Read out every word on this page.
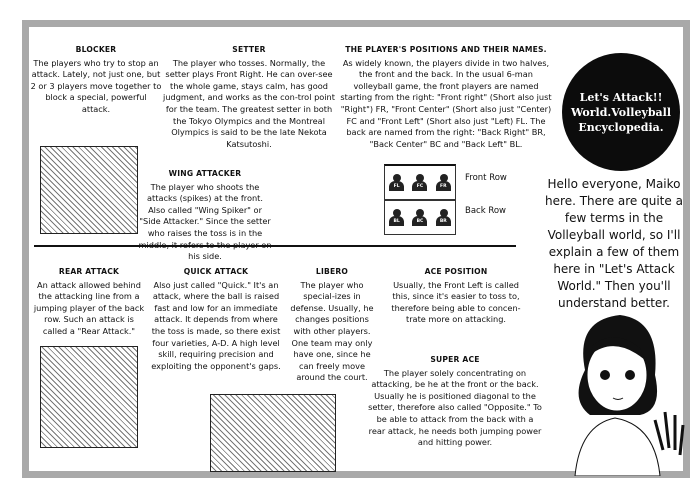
BLOCKER
The players who try to stop an attack. Lately, not just one, but 2 or 3 players move together to block a special, powerful attack.
SETTER
The player who tosses. Normally, the setter plays Front Right. He can over-see the whole game, stays calm, has good judgment, and works as the con-trol point for the team. The greatest setter in both the Tokyo Olympics and the Montreal Olympics is said to be the late Nekota Katsutoshi.
THE PLAYER'S POSITIONS AND THEIR NAMES.
As widely known, the players divide in two halves, the front and the back. In the usual 6-man volleyball game, the front players are named starting from the right: "Front right" (Short also just "Right") FR, "Front Center" (Short also just "Center) FC and "Front Left" (Short also just "Left) FL. The back are named from the right: "Back Right" BR, "Back Center" BC and "Back Left" BL.
Let's Attack!!
World.Volleyball
Encyclopedia.
Hello everyone, Maiko here. There are quite a few terms in the Volleyball world, so I'll explain a few of them here in "Let's Attack World." Then you'll understand better.
WING ATTACKER
The player who shoots the attacks (spikes) at the front. Also called "Wing Spiker" or "Side Attacker." Since the setter who raises the toss is in the his side.
FL	FC	FR
BL	BC	BR
Front Row
Back Row
REAR ATTACK
An attack allowed behind the attacking line from a jumping player of the back row. Such an attack is called a "Rear Attack."
QUICK ATTACK
Also just called "Quick." It's an attack, where the ball is raised fast and low for an immediate attack. It depends from where the toss is made, so there exist four varieties, A-D. A high level skill, requiring precision and exploiting the opponent's gaps.
LIBERO
The player who special-izes in defense. Usually, he changes positions with other players. One team may only have one, since he can freely move around the court.
ACE POSITION
Usually, the Front Left is called this, since it's easier to toss to, therefore being able to concen-trate more on attacking.
SUPER ACE
The player solely concentrating on attacking, be he at the front or the back. Usually he is positioned diagonal to the setter, therefore also called "Opposite." To be able to attack from the back with a rear attack, he needs both jumping power and hitting power.
